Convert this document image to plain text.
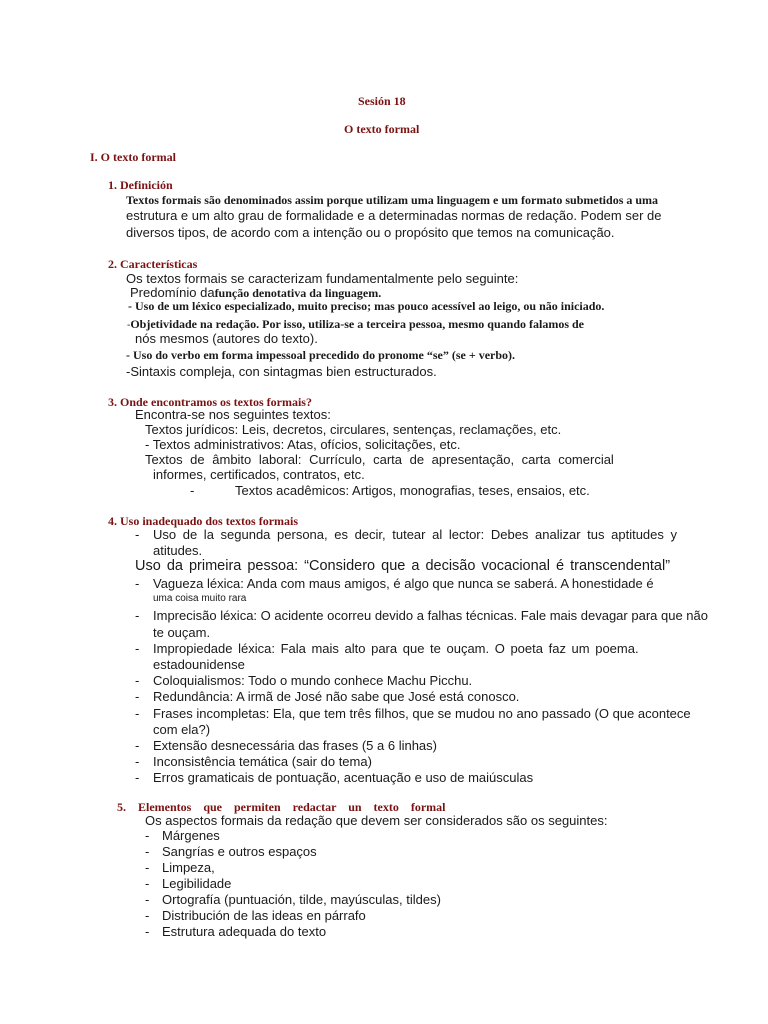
Sesión 18
O texto formal
I. O texto formal
1. Definición
Textos formais são denominados assim porque utilizam uma linguagem e um formato submetidos a uma
estrutura e um alto grau de formalidade e a determinadas normas de redação. Podem ser de
diversos tipos, de acordo com a intenção ou o propósito que temos na comunicação.
2. Características
Os textos formais se caracterizam fundamentalmente pelo seguinte:
Predomínio dafunção denotativa da linguagem.
- Uso de um léxico especializado, muito preciso; mas pouco acessível ao leigo, ou não iniciado.
-Objetividade na redação. Por isso, utiliza-se a terceira pessoa, mesmo quando falamos de
nós mesmos (autores do texto).
- Uso do verbo em forma impessoal precedido do pronome “se” (se + verbo).
-Sintaxis compleja, con sintagmas bien estructurados.
3. Onde encontramos os textos formais?
Encontra-se nos seguintes textos:
Textos jurídicos: Leis, decretos, circulares, sentenças, reclamações, etc.
- Textos administrativos: Atas, ofícios, solicitações, etc.
Textos de âmbito laboral: Currículo, carta de apresentação, carta comercial
informes, certificados, contratos, etc.
-	Textos acadêmicos: Artigos, monografias, teses, ensaios, etc.
4. Uso inadequado dos textos formais
- Uso de la segunda persona, es decir, tutear al lector: Debes analizar tus aptitudes y
atitudes.
Uso da primeira pessoa: “Considero que a decisão vocacional é transcendental”
- Vagueza léxica: Anda com maus amigos, é algo que nunca se saberá. A honestidade é
uma coisa muito rara
- Imprecisão léxica: O acidente ocorreu devido a falhas técnicas. Fale mais devagar para que não
te ouçam.
- Impropiedade léxica: Fala mais alto para que te ouçam. O poeta faz um poema.
estadounidense
- Coloquialismos: Todo o mundo conhece Machu Picchu.
- Redundância: A irmã de José não sabe que José está conosco.
- Frases incompletas: Ela, que tem três filhos, que se mudou no ano passado (O que acontece
com ela?)
- Extensão desnecessária das frases (5 a 6 linhas)
- Inconsistência temática (sair do tema)
- Erros gramaticais de pontuação, acentuação e uso de maiúsculas
5. Elementos que permiten redactar un texto formal
Os aspectos formais da redação que devem ser considerados são os seguintes:
- Márgenes
- Sangrías e outros espaços
- Limpeza,
- Legibilidade
- Ortografía (puntuación, tilde, mayúsculas, tildes)
- Distribución de las ideas en párrafo
- Estrutura adequada do texto
